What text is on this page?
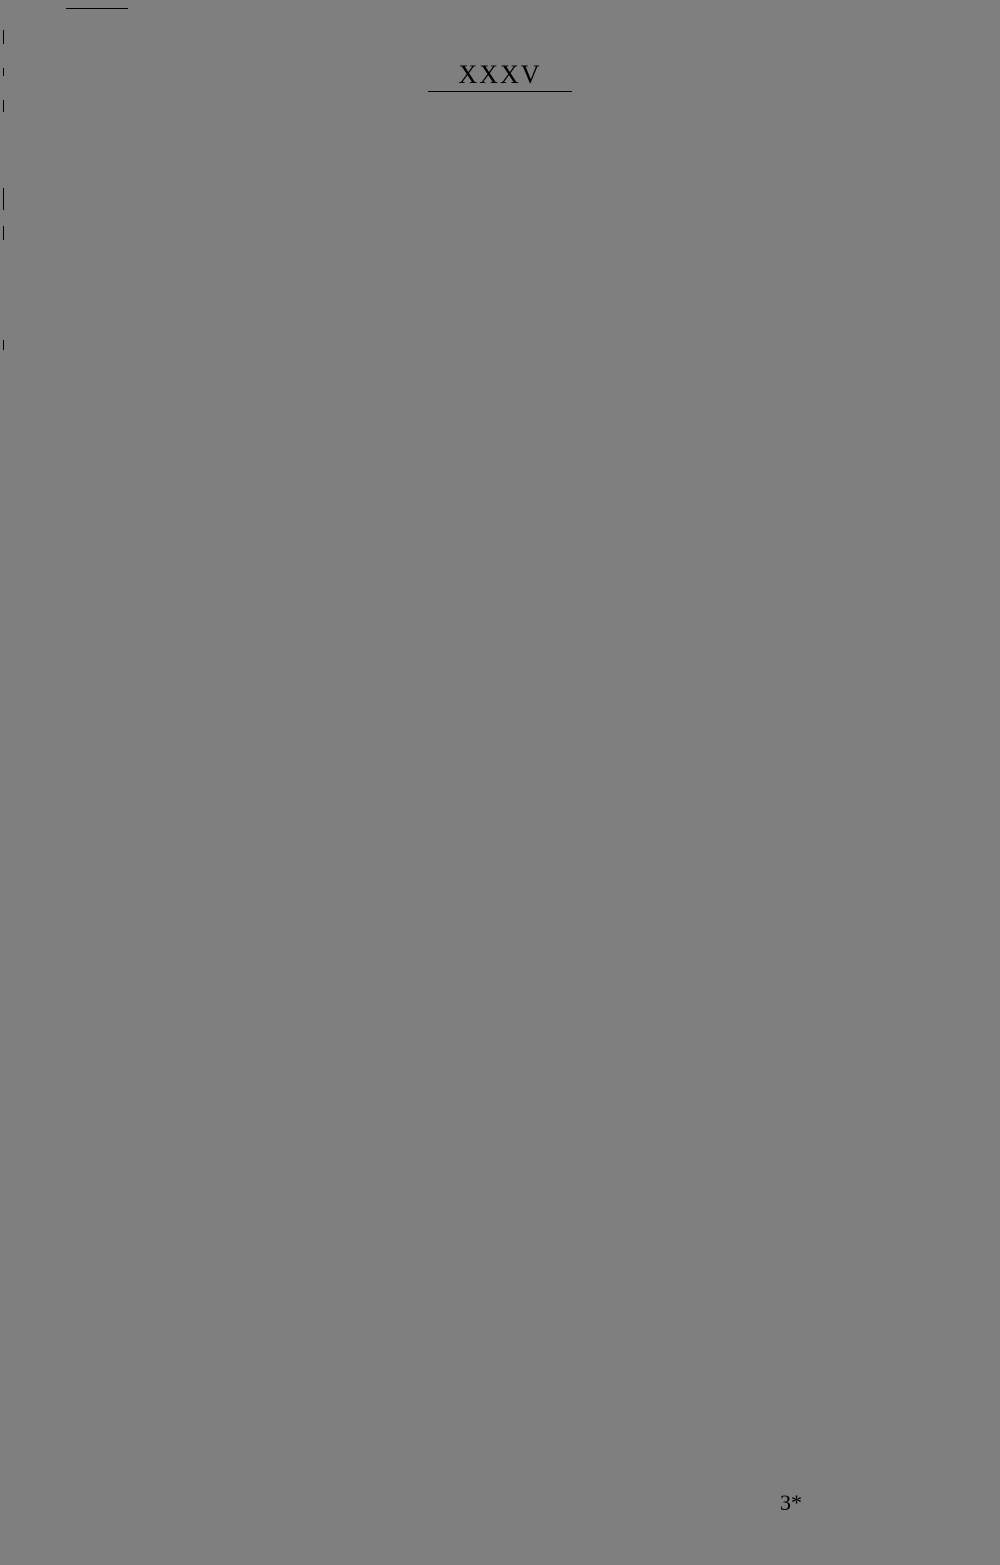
XXXV

3*
